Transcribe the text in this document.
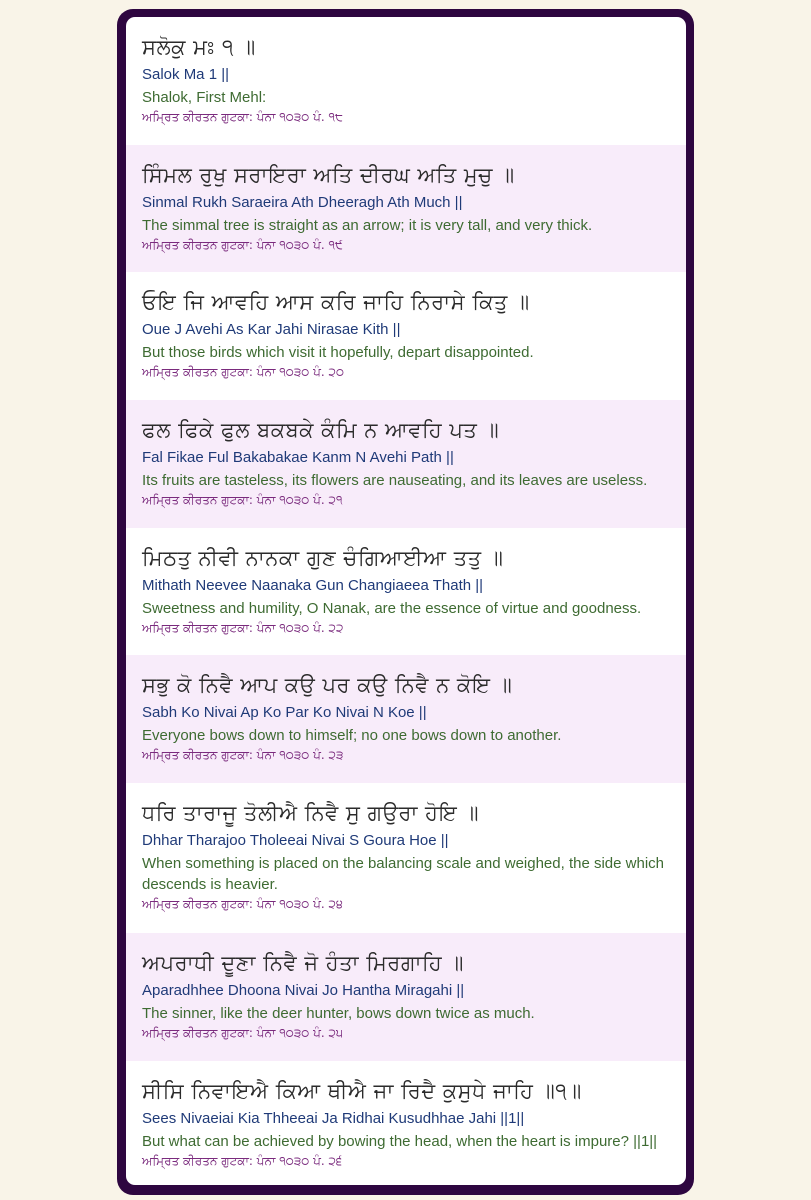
ਸਲੋਕੁ ਮਃ ੧ ॥

Salok Ma 1 ||

Shalok, First Mehl:

ਅਮ੍ਰਿਤ ਕੀਰਤਨ ਗੁਟਕਾ: ਪੰਨਾ ੧੦੩੦ ਪੰ. ੧੮

ਸਿੰਮਲ ਰੁਖੁ ਸਰਾਇਰਾ ਅਤਿ ਦੀਰਘ ਅਤਿ ਮੁਚੁ ॥

Sinmal Rukh Saraeira Ath Dheeragh Ath Much ||

The simmal tree is straight as an arrow; it is very tall, and very thick.

ਅਮ੍ਰਿਤ ਕੀਰਤਨ ਗੁਟਕਾ: ਪੰਨਾ ੧੦੩੦ ਪੰ. ੧੯

ਓਇ ਜਿ ਆਵਹਿ ਆਸ ਕਰਿ ਜਾਹਿ ਨਿਰਾਸੇ ਕਿਤੁ ॥

Oue J Avehi As Kar Jahi Nirasae Kith ||

But those birds which visit it hopefully, depart disappointed.

ਅਮ੍ਰਿਤ ਕੀਰਤਨ ਗੁਟਕਾ: ਪੰਨਾ ੧੦੩੦ ਪੰ. ੨੦

ਫਲ ਫਿਕੇ ਫੁਲ ਬਕਬਕੇ ਕੰਮਿ ਨ ਆਵਹਿ ਪਤ ॥

Fal Fikae Ful Bakabakae Kanm N Avehi Path ||

Its fruits are tasteless, its flowers are nauseating, and its leaves are useless.

ਅਮ੍ਰਿਤ ਕੀਰਤਨ ਗੁਟਕਾ: ਪੰਨਾ ੧੦੩੦ ਪੰ. ੨੧

ਮਿਠਤੁ ਨੀਵੀ ਨਾਨਕਾ ਗੁਣ ਚੰਗਿਆਈਆ ਤਤੁ ॥

Mithath Neevee Naanaka Gun Changiaeea Thath ||

Sweetness and humility, O Nanak, are the essence of virtue and goodness.

ਅਮ੍ਰਿਤ ਕੀਰਤਨ ਗੁਟਕਾ: ਪੰਨਾ ੧੦੩੦ ਪੰ. ੨੨

ਸਭੁ ਕੋ ਨਿਵੈ ਆਪ ਕਉ ਪਰ ਕਉ ਨਿਵੈ ਨ ਕੋਇ ॥

Sabh Ko Nivai Ap Ko Par Ko Nivai N Koe ||

Everyone bows down to himself; no one bows down to another.

ਅਮ੍ਰਿਤ ਕੀਰਤਨ ਗੁਟਕਾ: ਪੰਨਾ ੧੦੩੦ ਪੰ. ੨੩

ਧਰਿ ਤਾਰਾਜੂ ਤੋਲੀਐ ਨਿਵੈ ਸੁ ਗਉਰਾ ਹੋਇ ॥

Dhhar Tharajoo Tholeeai Nivai S Goura Hoe ||

When something is placed on the balancing scale and weighed, the side which descends is heavier.

ਅਮ੍ਰਿਤ ਕੀਰਤਨ ਗੁਟਕਾ: ਪੰਨਾ ੧੦੩੦ ਪੰ. ੨੪

ਅਪਰਾਧੀ ਦੂਣਾ ਨਿਵੈ ਜੋ ਹੰਤਾ ਮਿਰਗਾਹਿ ॥

Aparadhhee Dhoona Nivai Jo Hantha Miragahi ||

The sinner, like the deer hunter, bows down twice as much.

ਅਮ੍ਰਿਤ ਕੀਰਤਨ ਗੁਟਕਾ: ਪੰਨਾ ੧੦੩੦ ਪੰ. ੨੫

ਸੀਸਿ ਨਿਵਾਇਐ ਕਿਆ ਥੀਐ ਜਾ ਰਿਦੈ ਕੁਸੁਧੇ ਜਾਹਿ ॥੧॥

Sees Nivaeiai Kia Thheeai Ja Ridhai Kusudhhae Jahi ||1||

But what can be achieved by bowing the head, when the heart is impure? ||1||

ਅਮ੍ਰਿਤ ਕੀਰਤਨ ਗੁਟਕਾ: ਪੰਨਾ ੧੦੩੦ ਪੰ. ੨੬
